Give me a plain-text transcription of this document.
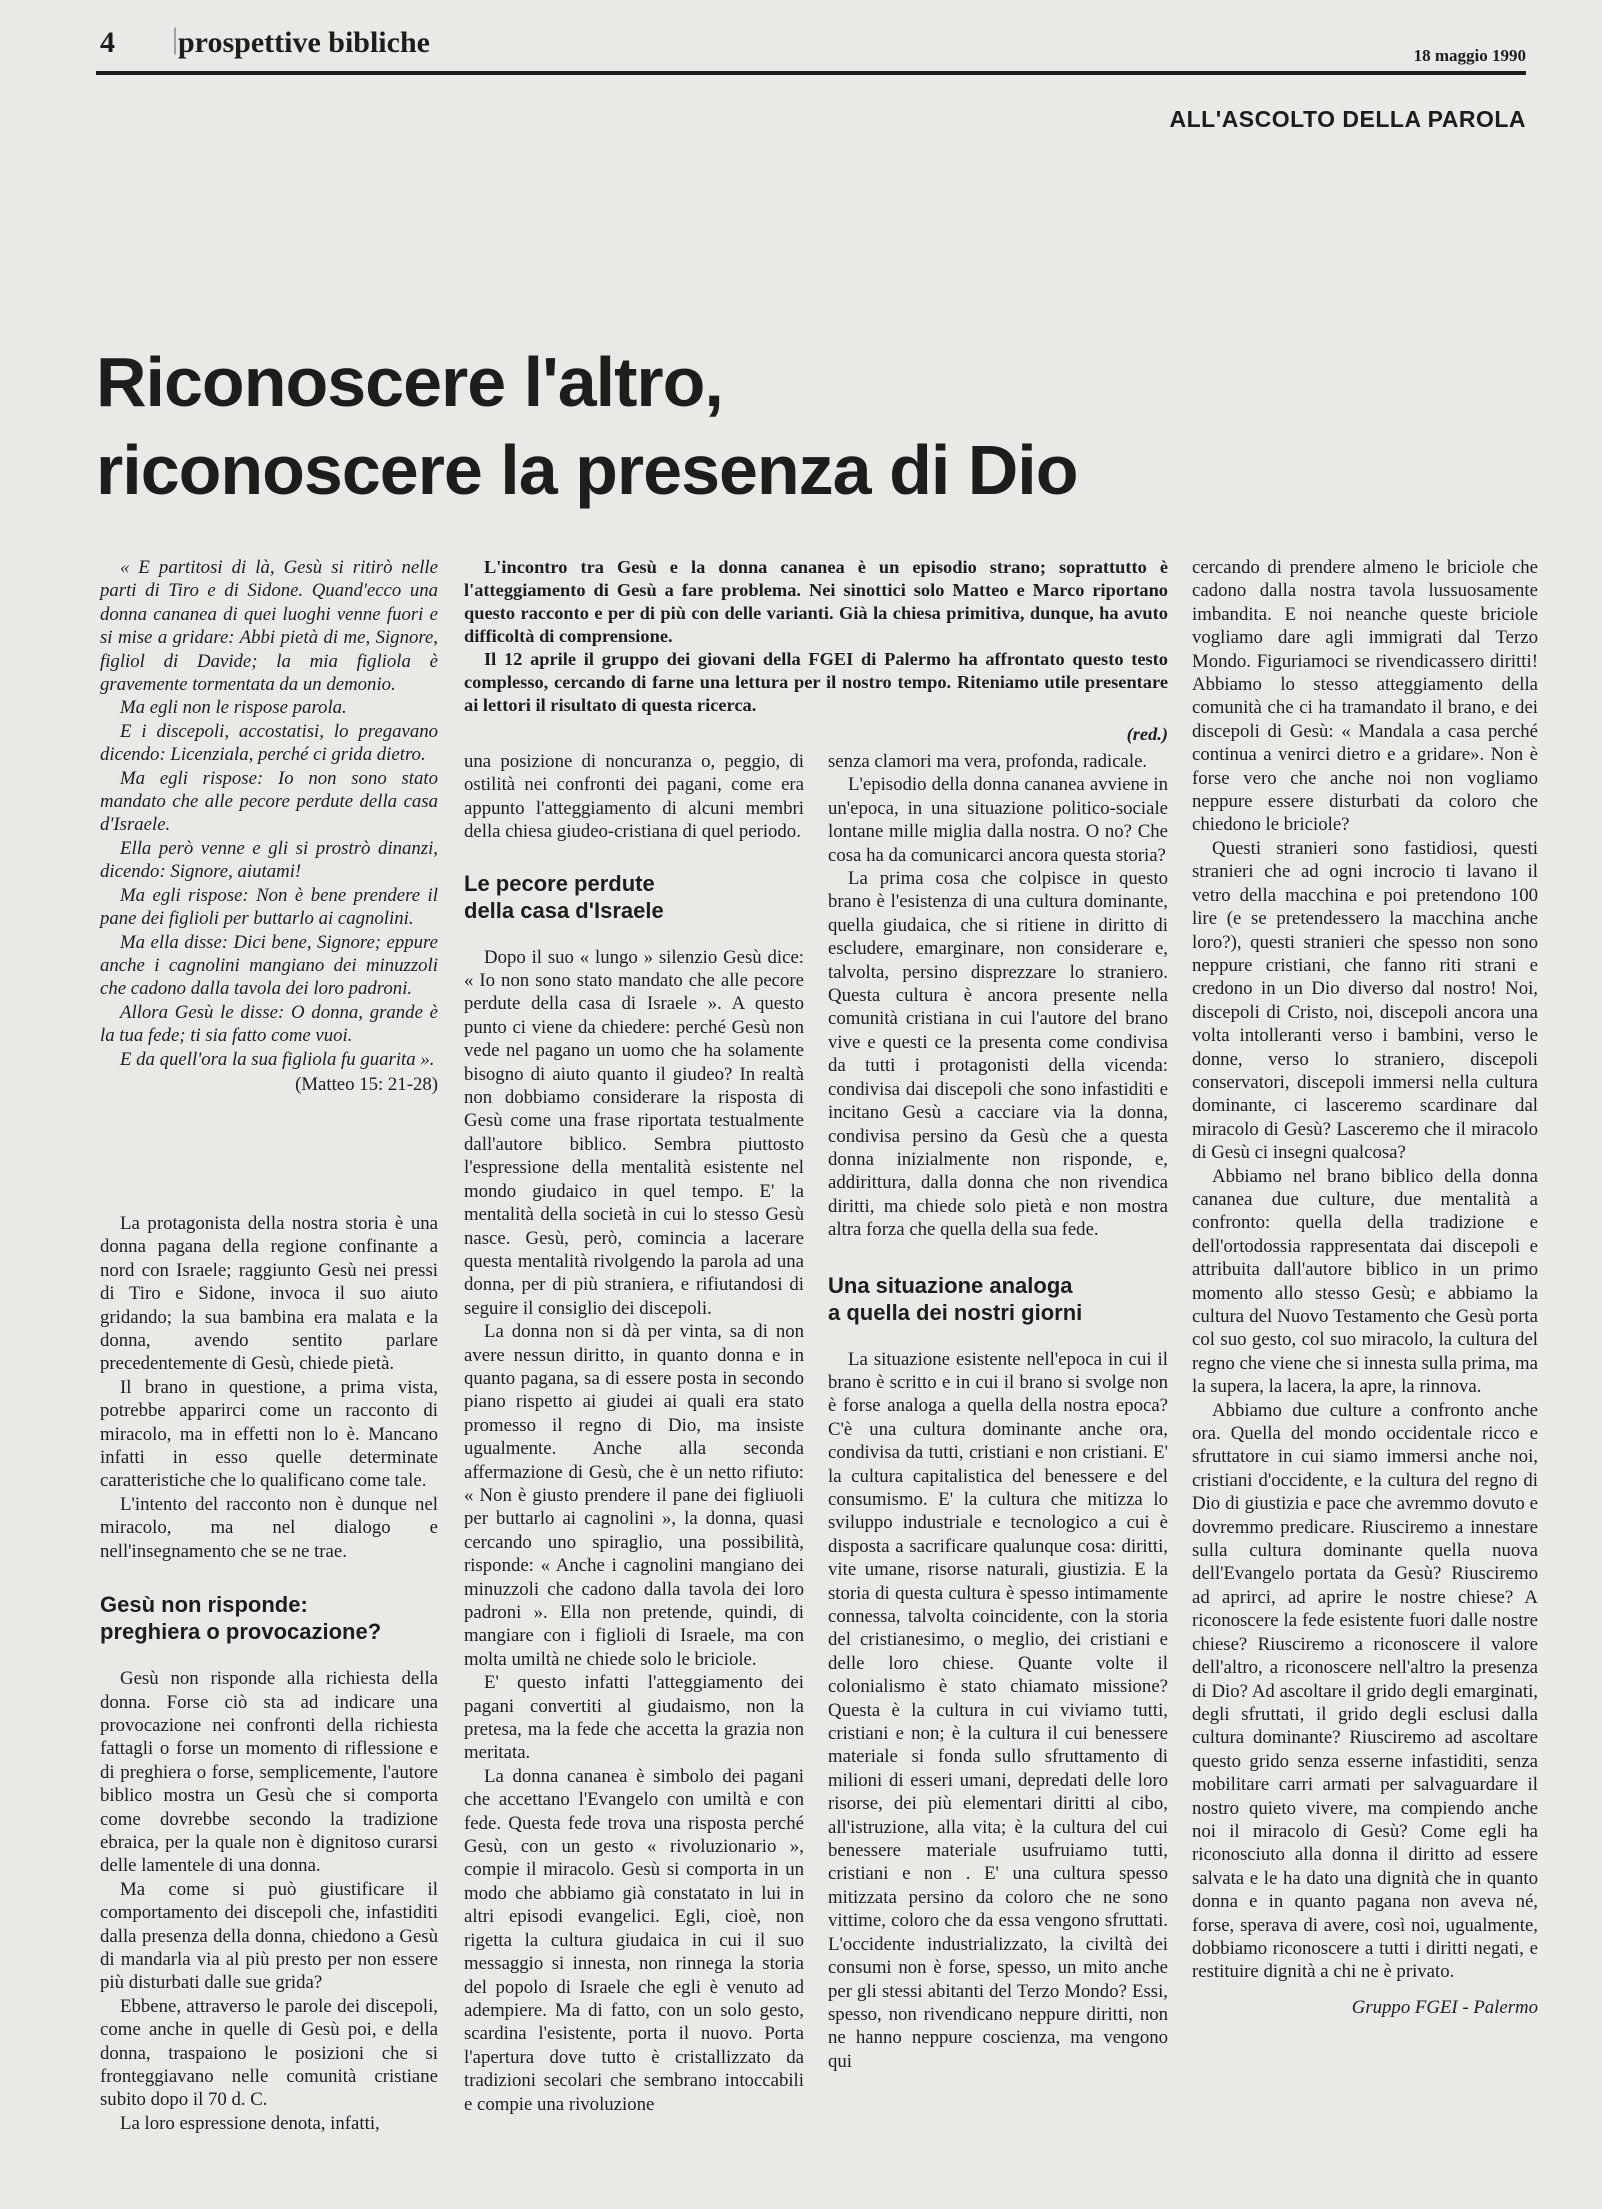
4 | prospettive bibliche	18 maggio 1990
ALL'ASCOLTO DELLA PAROLA
Riconoscere l'altro,
riconoscere la presenza di Dio

« E partitosi di là, Gesù si ritirò nelle parti di Tiro e di Sidone. Quand'ecco una donna cananea di quei luoghi venne fuori e si mise a gridare: Abbi pietà di me, Signore, figliol di Davide; la mia figliola è gravemente tormentata da un demonio.

Ma egli non le rispose parola.

E i discepoli, accostatisi, lo pregavano dicendo: Licenziala, perché ci grida dietro.

Ma egli rispose: Io non sono stato mandato che alle pecore perdute della casa d'Israele.

Ella però venne e gli si prostrò dinanzi, dicendo: Signore, aiutami!

Ma egli rispose: Non è bene prendere il pane dei figlioli per buttarlo ai cagnolini.

Ma ella disse: Dici bene, Signore; eppure anche i cagnolini mangiano dei minuzzoli che cadono dalla tavola dei loro padroni.

Allora Gesù le disse: O donna, grande è la tua fede; ti sia fatto come vuoi.

E da quell'ora la sua figliola fu guarita ».

(Matteo 15: 21-28)

La protagonista della nostra storia è una donna pagana della regione confinante a nord con Israele; raggiunto Gesù nei pressi di Tiro e Sidone, invoca il suo aiuto gridando; la sua bambina era malata e la donna, avendo sentito parlare precedentemente di Gesù, chiede pietà.

Il brano in questione, a prima vista, potrebbe apparirci come un racconto di miracolo, ma in effetti non lo è. Mancano infatti in esso quelle determinate caratteristiche che lo qualificano come tale.

L'intento del racconto non è dunque nel miracolo, ma nel dialogo e nell'insegnamento che se ne trae.

Gesù non risponde:
preghiera o provocazione?

Gesù non risponde alla richiesta della donna. Forse ciò sta ad indicare una provocazione nei confronti della richiesta fattagli o forse un momento di riflessione e di preghiera o forse, semplicemente, l'autore biblico mostra un Gesù che si comporta come dovrebbe secondo la tradizione ebraica, per la quale non è dignitoso curarsi delle lamentele di una donna.

Ma come si può giustificare il comportamento dei discepoli che, infastiditi dalla presenza della donna, chiedono a Gesù di mandarla via al più presto per non essere più disturbati dalle sue grida?

Ebbene, attraverso le parole dei discepoli, come anche in quelle di Gesù poi, e della donna, traspaiono le posizioni che si fronteggiavano nelle comunità cristiane subito dopo il 70 d. C.

La loro espressione denota, infatti,

L'incontro tra Gesù e la donna cananea è un episodio strano; soprattutto è l'atteggiamento di Gesù a fare problema. Nei sinottici solo Matteo e Marco riportano questo racconto e per di più con delle varianti. Già la chiesa primitiva, dunque, ha avuto difficoltà di comprensione.

Il 12 aprile il gruppo dei giovani della FGEI di Palermo ha affrontato questo testo complesso, cercando di farne una lettura per il nostro tempo. Riteniamo utile presentare ai lettori il risultato di questa ricerca.

(red.)

una posizione di noncuranza o, peggio, di ostilità nei confronti dei pagani, come era appunto l'atteggiamento di alcuni membri della chiesa giudeo-cristiana di quel periodo.

Le pecore perdute
della casa d'Israele

Dopo il suo « lungo » silenzio Gesù dice: « Io non sono stato mandato che alle pecore perdute della casa di Israele ». A questo punto ci viene da chiedere: perché Gesù non vede nel pagano un uomo che ha solamente bisogno di aiuto quanto il giudeo? In realtà non dobbiamo considerare la risposta di Gesù come una frase riportata testualmente dall'autore biblico. Sembra piuttosto l'espressione della mentalità esistente nel mondo giudaico in quel tempo. E' la mentalità della società in cui lo stesso Gesù nasce. Gesù, però, comincia a lacerare questa mentalità rivolgendo la parola ad una donna, per di più straniera, e rifiutandosi di seguire il consiglio dei discepoli.

La donna non si dà per vinta, sa di non avere nessun diritto, in quanto donna e in quanto pagana, sa di essere posta in secondo piano rispetto ai giudei ai quali era stato promesso il regno di Dio, ma insiste ugualmente. Anche alla seconda affermazione di Gesù, che è un netto rifiuto: « Non è giusto prendere il pane dei figliuoli per buttarlo ai cagnolini », la donna, quasi cercando uno spiraglio, una possibilità, risponde: « Anche i cagnolini mangiano dei minuzzoli che cadono dalla tavola dei loro padroni ». Ella non pretende, quindi, di mangiare con i figlioli di Israele, ma con molta umiltà ne chiede solo le briciole.

E' questo infatti l'atteggiamento dei pagani convertiti al giudaismo, non la pretesa, ma la fede che accetta la grazia non meritata.

La donna cananea è simbolo dei pagani che accettano l'Evangelo con umiltà e con fede. Questa fede trova una risposta perché Gesù, con un gesto « rivoluzionario », compie il miracolo. Gesù si comporta in un modo che abbiamo già constatato in lui in altri episodi evangelici. Egli, cioè, non rigetta la cultura giudaica in cui il suo messaggio si innesta, non rinnega la storia del popolo di Israele che egli è venuto ad adempiere. Ma di fatto, con un solo gesto, scardina l'esistente, porta il nuovo. Porta l'apertura dove tutto è cristallizzato da tradizioni secolari che sembrano intoccabili e compie una rivoluzione

senza clamori ma vera, profonda, radicale.

L'episodio della donna cananea avviene in un'epoca, in una situazione politico-sociale lontane mille miglia dalla nostra. O no? Che cosa ha da comunicarci ancora questa storia?

La prima cosa che colpisce in questo brano è l'esistenza di una cultura dominante, quella giudaica, che si ritiene in diritto di escludere, emarginare, non considerare e, talvolta, persino disprezzare lo straniero. Questa cultura è ancora presente nella comunità cristiana in cui l'autore del brano vive e questi ce la presenta come condivisa da tutti i protagonisti della vicenda: condivisa dai discepoli che sono infastiditi e incitano Gesù a cacciare via la donna, condivisa persino da Gesù che a questa donna inizialmente non risponde, e, addirittura, dalla donna che non rivendica diritti, ma chiede solo pietà e non mostra altra forza che quella della sua fede.

Una situazione analoga
a quella dei nostri giorni

La situazione esistente nell'epoca in cui il brano è scritto e in cui il brano si svolge non è forse analoga a quella della nostra epoca? C'è una cultura dominante anche ora, condivisa da tutti, cristiani e non cristiani. E' la cultura capitalistica del benessere e del consumismo. E' la cultura che mitizza lo sviluppo industriale e tecnologico a cui è disposta a sacrificare qualunque cosa: diritti, vite umane, risorse naturali, giustizia. E la storia di questa cultura è spesso intimamente connessa, talvolta coincidente, con la storia del cristianesimo, o meglio, dei cristiani e delle loro chiese. Quante volte il colonialismo è stato chiamato missione? Questa è la cultura in cui viviamo tutti, cristiani e non; è la cultura il cui benessere materiale si fonda sullo sfruttamento di milioni di esseri umani, depredati delle loro risorse, dei più elementari diritti al cibo, all'istruzione, alla vita; è la cultura del cui benessere materiale usufruiamo tutti, cristiani e non . E' una cultura spesso mitizzata persino da coloro che ne sono vittime, coloro che da essa vengono sfruttati. L'occidente industrializzato, la civiltà dei consumi non è forse, spesso, un mito anche per gli stessi abitanti del Terzo Mondo? Essi, spesso, non rivendicano neppure diritti, non ne hanno neppure coscienza, ma vengono qui

cercando di prendere almeno le briciole che cadono dalla nostra tavola lussuosamente imbandita. E noi neanche queste briciole vogliamo dare agli immigrati dal Terzo Mondo. Figuriamoci se rivendicassero diritti! Abbiamo lo stesso atteggiamento della comunità che ci ha tramandato il brano, e dei discepoli di Gesù: « Mandala a casa perché continua a venirci dietro e a gridare». Non è forse vero che anche noi non vogliamo neppure essere disturbati da coloro che chiedono le briciole?

Questi stranieri sono fastidiosi, questi stranieri che ad ogni incrocio ti lavano il vetro della macchina e poi pretendono 100 lire (e se pretendessero la macchina anche loro?), questi stranieri che spesso non sono neppure cristiani, che fanno riti strani e credono in un Dio diverso dal nostro! Noi, discepoli di Cristo, noi, discepoli ancora una volta intolleranti verso i bambini, verso le donne, verso lo straniero, discepoli conservatori, discepoli immersi nella cultura dominante, ci lasceremo scardinare dal miracolo di Gesù? Lasceremo che il miracolo di Gesù ci insegni qualcosa?

Abbiamo nel brano biblico della donna cananea due culture, due mentalità a confronto: quella della tradizione e dell'ortodossia rappresentata dai discepoli e attribuita dall'autore biblico in un primo momento allo stesso Gesù; e abbiamo la cultura del Nuovo Testamento che Gesù porta col suo gesto, col suo miracolo, la cultura del regno che viene che si innesta sulla prima, ma la supera, la lacera, la apre, la rinnova.

Abbiamo due culture a confronto anche ora. Quella del mondo occidentale ricco e sfruttatore in cui siamo immersi anche noi, cristiani d'occidente, e la cultura del regno di Dio di giustizia e pace che avremmo dovuto e dovremmo predicare. Riusciremo a innestare sulla cultura dominante quella nuova dell'Evangelo portata da Gesù? Riusciremo ad aprirci, ad aprire le nostre chiese? A riconoscere la fede esistente fuori dalle nostre chiese? Riusciremo a riconoscere il valore dell'altro, a riconoscere nell'altro la presenza di Dio? Ad ascoltare il grido degli emarginati, degli sfruttati, il grido degli esclusi dalla cultura dominante? Riusciremo ad ascoltare questo grido senza esserne infastiditi, senza mobilitare carri armati per salvaguardare il nostro quieto vivere, ma compiendo anche noi il miracolo di Gesù? Come egli ha riconosciuto alla donna il diritto ad essere salvata e le ha dato una dignità che in quanto donna e in quanto pagana non aveva né, forse, sperava di avere, così noi, ugualmente, dobbiamo riconoscere a tutti i diritti negati, e restituire dignità a chi ne è privato.

Gruppo FGEI - Palermo
